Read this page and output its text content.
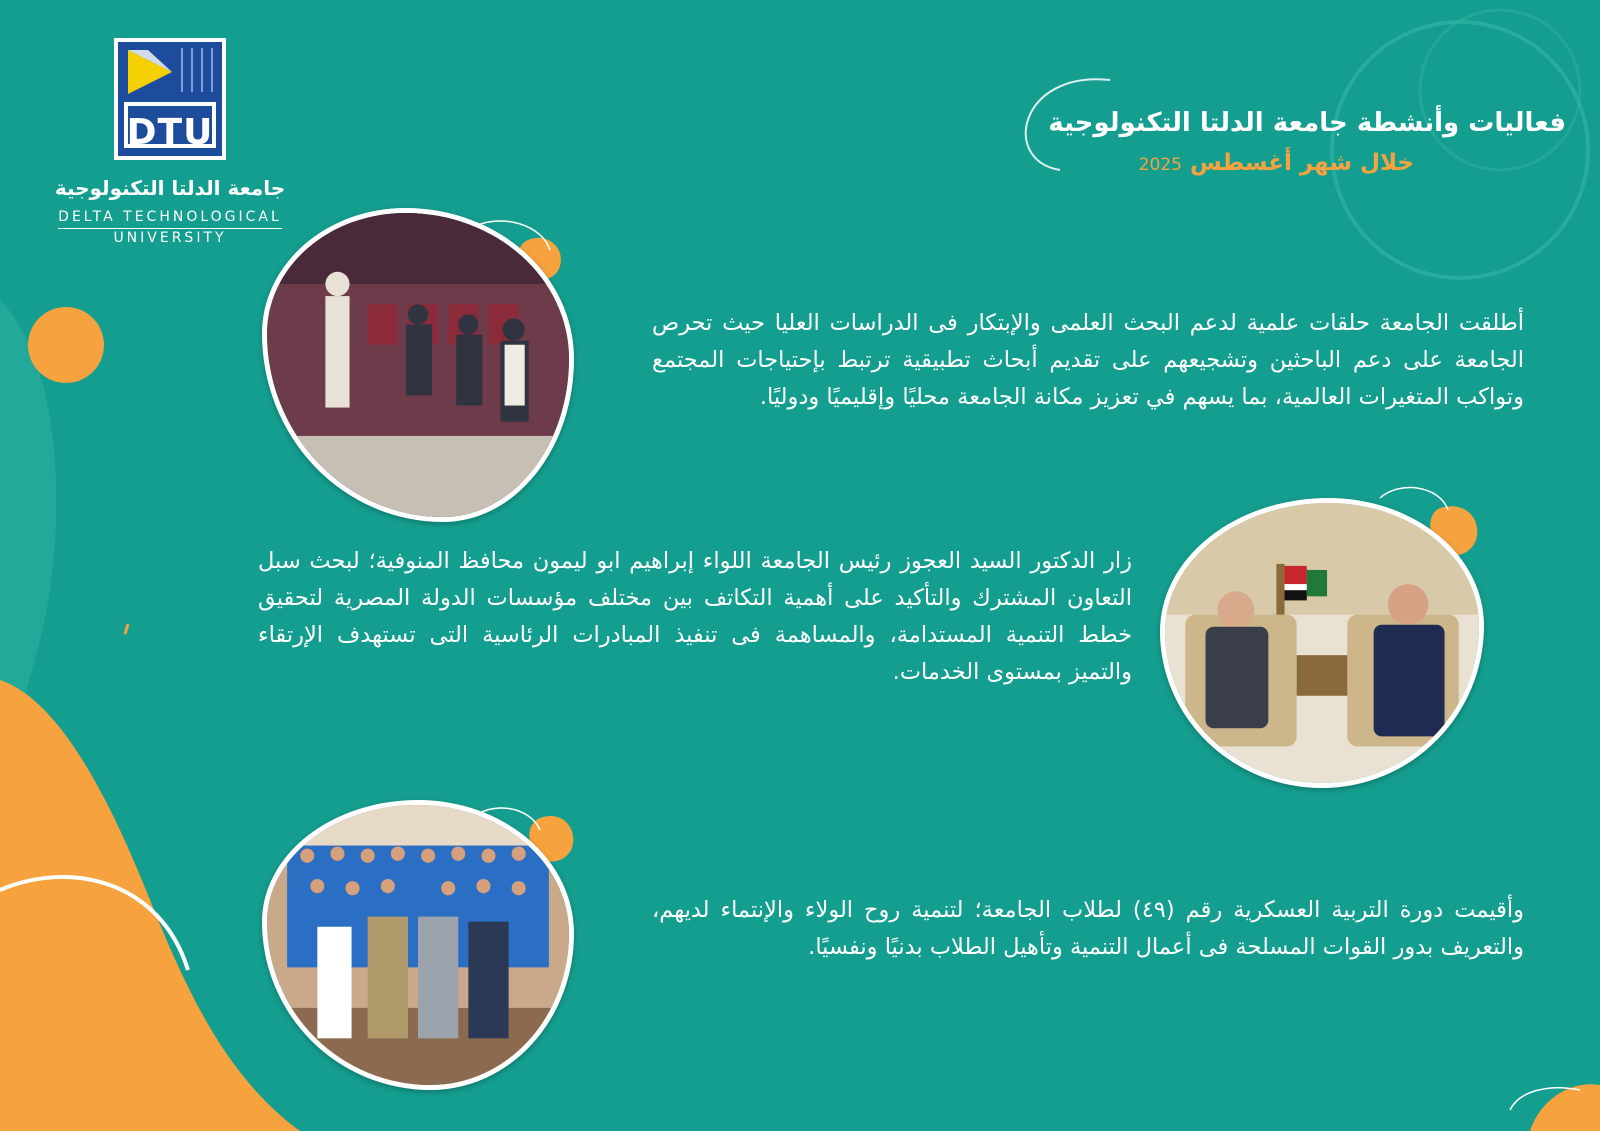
DTU
جامعة الدلتا التكنولوجية
DELTA TECHNOLOGICAL
UNIVERSITY
فعاليات وأنشطة جامعة الدلتا التكنولوجية
خلال شهر أغسطس 2025
أطلقت الجامعة حلقات علمية لدعم البحث العلمى والإبتكار فى الدراسات العليا حيث تحرص الجامعة على دعم الباحثين وتشجيعهم على تقديم أبحاث تطبيقية ترتبط بإحتياجات المجتمع وتواكب المتغيرات العالمية، بما يسهم في تعزيز مكانة الجامعة محليًا وإقليميًا ودوليًا.
زار الدكتور السيد العجوز رئيس الجامعة اللواء إبراهيم ابو ليمون محافظ المنوفية؛ لبحث سبل التعاون المشترك والتأكيد على أهمية التكاتف بين مختلف مؤسسات الدولة المصرية لتحقيق خطط التنمية المستدامة، والمساهمة فى تنفيذ المبادرات الرئاسية التى تستهدف الإرتقاء والتميز بمستوى الخدمات.
وأقيمت دورة التربية العسكرية رقم (٤٩) لطلاب الجامعة؛ لتنمية روح الولاء والإنتماء لديهم، والتعريف بدور القوات المسلحة فى أعمال التنمية وتأهيل الطلاب بدنيًا ونفسيًا.
